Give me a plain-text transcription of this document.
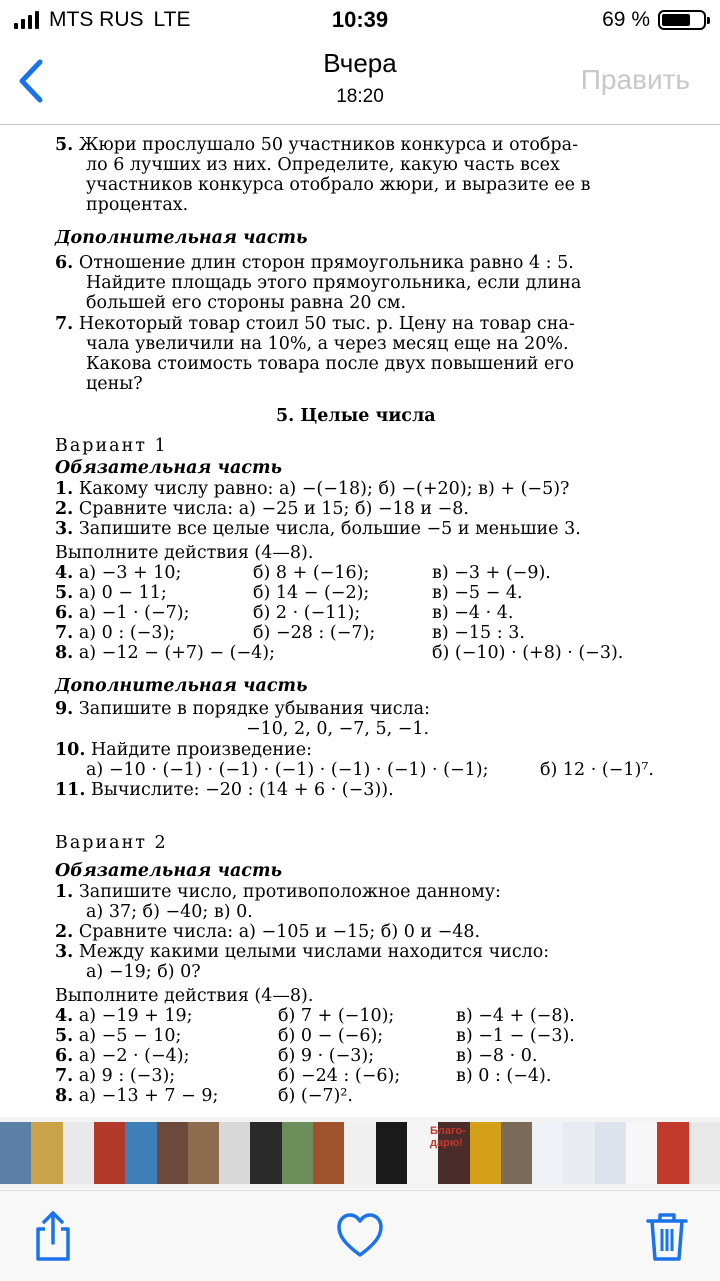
MTS RUS LTE	10:39	69 %
Вчера
18:20
Править
5. Жюри прослушало 50 участников конкурса и отобра-
ло 6 лучших из них. Определите, какую часть всех
участников конкурса отобрало жюри, и выразите ее в
процентах.
Дополнительная часть
6. Отношение длин сторон прямоугольника равно 4 : 5.
Найдите площадь этого прямоугольника, если длина
большей его стороны равна 20 см.
7. Некоторый товар стоил 50 тыс. р. Цену на товар сна-
чала увеличили на 10%, а через месяц еще на 20%.
Какова стоимость товара после двух повышений его
цены?
5. Целые числа
Вариант 1
Обязательная часть
1. Какому числу равно: а) −(−18); б) −(+20); в) + (−5)?
2. Сравните числа: а) −25 и 15; б) −18 и −8.
3. Запишите все целые числа, большие −5 и меньшие 3.
Выполните действия (4—8).
4. а) −3 + 10;	б) 8 + (−16);	в) −3 + (−9).
5. а) 0 − 11;	б) 14 − (−2);	в) −5 − 4.
6. а) −1 · (−7);	б) 2 · (−11);	в) −4 · 4.
7. а) 0 : (−3);	б) −28 : (−7);	в) −15 : 3.
8. а) −12 − (+7) − (−4);	б) (−10) · (+8) · (−3).
Дополнительная часть
9. Запишите в порядке убывания числа:
−10, 2, 0, −7, 5, −1.
10. Найдите произведение:
а) −10 · (−1) · (−1) · (−1) · (−1) · (−1) · (−1);	б) 12 · (−1)⁷.
11. Вычислите: −20 : (14 + 6 · (−3)).
Вариант 2
Обязательная часть
1. Запишите число, противоположное данному:
а) 37; б) −40; в) 0.
2. Сравните числа: а) −105 и −15; б) 0 и −48.
3. Между какими целыми числами находится число:
а) −19; б) 0?
Выполните действия (4—8).
4. а) −19 + 19;	б) 7 + (−10);	в) −4 + (−8).
5. а) −5 − 10;	б) 0 − (−6);	в) −1 − (−3).
6. а) −2 · (−4);	б) 9 · (−3);	в) −8 · 0.
7. а) 9 : (−3);	б) −24 : (−6);	в) 0 : (−4).
8. а) −13 + 7 − 9;	б) (−7)².
Благо-
дарю!
